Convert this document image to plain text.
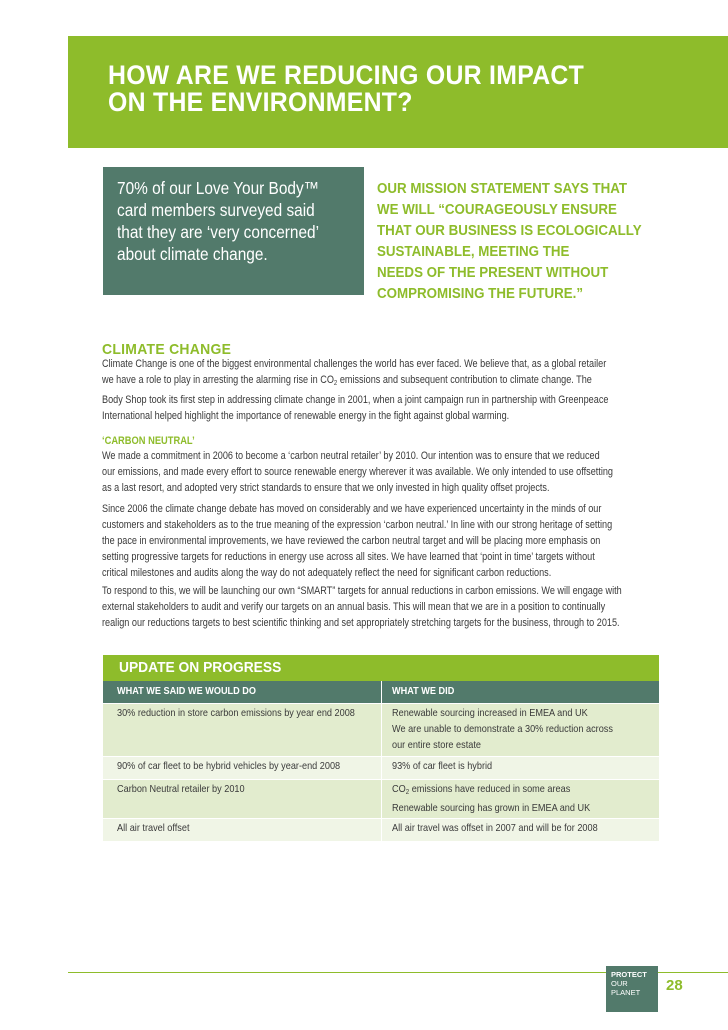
HOW ARE WE REDUCING OUR IMPACT
ON THE ENVIRONMENT?

70% of our Love Your Body™
card members surveyed said
that they are ‘very concerned’
about climate change.

OUR MISSION STATEMENT SAYS THAT
WE WILL “COURAGEOUSLY ENSURE
THAT OUR BUSINESS IS ECOLOGICALLY
SUSTAINABLE, MEETING THE
NEEDS OF THE PRESENT WITHOUT
COMPROMISING THE FUTURE.”
CLIMATE CHANGE
Climate Change is one of the biggest environmental challenges the world has ever faced. We believe that, as a global retailer
we have a role to play in arresting the alarming rise in $CO_2$ emissions and subsequent contribution to climate change. The
Body Shop took its first step in addressing climate change in 2001, when a joint campaign run in partnership with Greenpeace
International helped highlight the importance of renewable energy in the fight against global warming.
‘CARBON NEUTRAL’
We made a commitment in 2006 to become a ‘carbon neutral retailer’ by 2010. Our intention was to ensure that we reduced
our emissions, and made every effort to source renewable energy wherever it was available. We only intended to use offsetting
as a last resort, and adopted very strict standards to ensure that we only invested in high quality offset projects.
Since 2006 the climate change debate has moved on considerably and we have experienced uncertainty in the minds of our
customers and stakeholders as to the true meaning of the expression ‘carbon neutral.’ In line with our strong heritage of setting
the pace in environmental improvements, we have reviewed the carbon neutral target and will be placing more emphasis on
setting progressive targets for reductions in energy use across all sites. We have learned that ‘point in time’ targets without
critical milestones and audits along the way do not adequately reflect the need for significant carbon reductions.
To respond to this, we will be launching our own “SMART” targets for annual reductions in carbon emissions. We will engage with
external stakeholders to audit and verify our targets on an annual basis. This will mean that we are in a position to continually
realign our reductions targets to best scientific thinking and set appropriately stretching targets for the business, through to 2015.
UPDATE ON PROGRESS
WHAT WE SAID WE WOULD DO	WHAT WE DID
30% reduction in store carbon emissions by year end 2008	Renewable sourcing increased in EMEA and UK
We are unable to demonstrate a 30% reduction across
our entire store estate
90% of car fleet to be hybrid vehicles by year-end 2008	93% of car fleet is hybrid
Carbon Neutral retailer by 2010	$CO_2$ emissions have reduced in some areas
Renewable sourcing has grown in EMEA and UK
All air travel offset	All air travel was offset in 2007 and will be for 2008
PROTECT
OUR
PLANET	28
